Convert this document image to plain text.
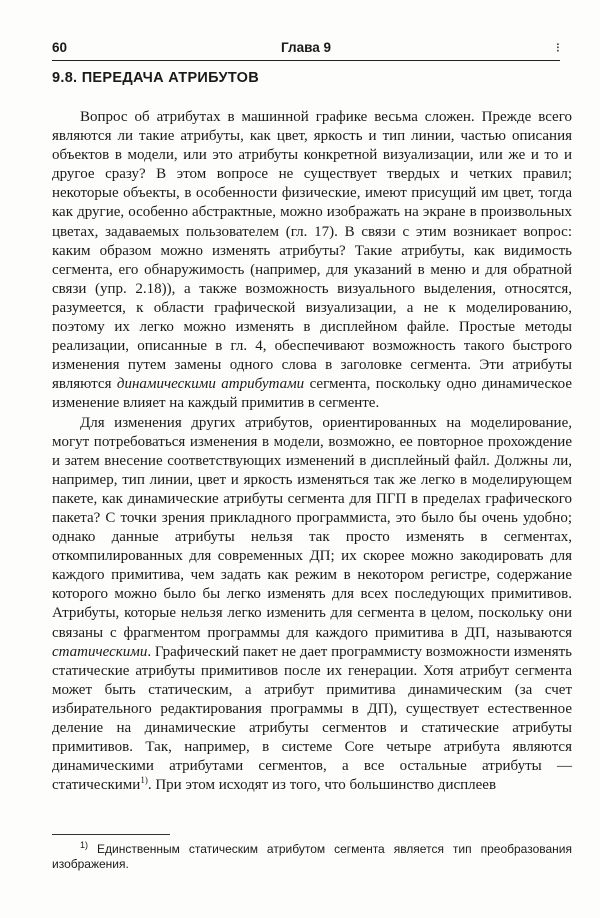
60	Глава 9	⁝
9.8. ПЕРЕДАЧА АТРИБУТОВ

Вопрос об атрибутах в машинной графике весьма сложен. Прежде всего являются ли такие атрибуты, как цвет, яркость и тип линии, частью описания объектов в модели, или это атрибуты конкретной визуализации, или же и то и другое сразу? В этом вопросе не существует твердых и четких правил; некоторые объекты, в особенности физические, имеют присущий им цвет, тогда как другие, особенно абстрактные, можно изображать на экране в произвольных цветах, задаваемых пользователем (гл. 17). В связи с этим возникает вопрос: каким образом можно изменять атрибуты? Такие атрибуты, как видимость сегмента, его обнаружимость (например, для указаний в меню и для обратной связи (упр. 2.18)), а также возможность визуального выделения, относятся, разумеется, к области графической визуализации, а не к моделированию, поэтому их легко можно изменять в дисплейном файле. Простые методы реализации, описанные в гл. 4, обеспечивают возможность такого быстрого изменения путем замены одного слова в заголовке сегмента. Эти атрибуты являются динамическими атрибутами сегмента, поскольку одно динамическое изменение влияет на каждый примитив в сегменте.

Для изменения других атрибутов, ориентированных на моделирование, могут потребоваться изменения в модели, возможно, ее повторное прохождение и затем внесение соответствующих изменений в дисплейный файл. Должны ли, например, тип линии, цвет и яркость изменяться так же легко в моделирующем пакете, как динамические атрибуты сегмента для ПГП в пределах графического пакета? С точки зрения прикладного программиста, это было бы очень удобно; однако данные атрибуты нельзя так просто изменять в сегментах, откомпилированных для современных ДП; их скорее можно закодировать для каждого примитива, чем задать как режим в некотором регистре, содержание которого можно было бы легко изменять для всех последующих примитивов. Атрибуты, которые нельзя легко изменить для сегмента в целом, поскольку они связаны с фрагментом программы для каждого примитива в ДП, называются статическими. Графический пакет не дает программисту возможности изменять статические атрибуты примитивов после их генерации. Хотя атрибут сегмента может быть статическим, а атрибут примитива динамическим (за счет избирательного редактирования программы в ДП), существует естественное деление на динамические атрибуты сегментов и статические атрибуты примитивов. Так, например, в системе Core четыре атрибута являются динамическими атрибутами сегментов, а все остальные атрибуты — статическими$^{1)}$. При этом исходят из того, что большинство дисплеев

$^{1)}$ Единственным статическим атрибутом сегмента является тип преобразования изображения.
